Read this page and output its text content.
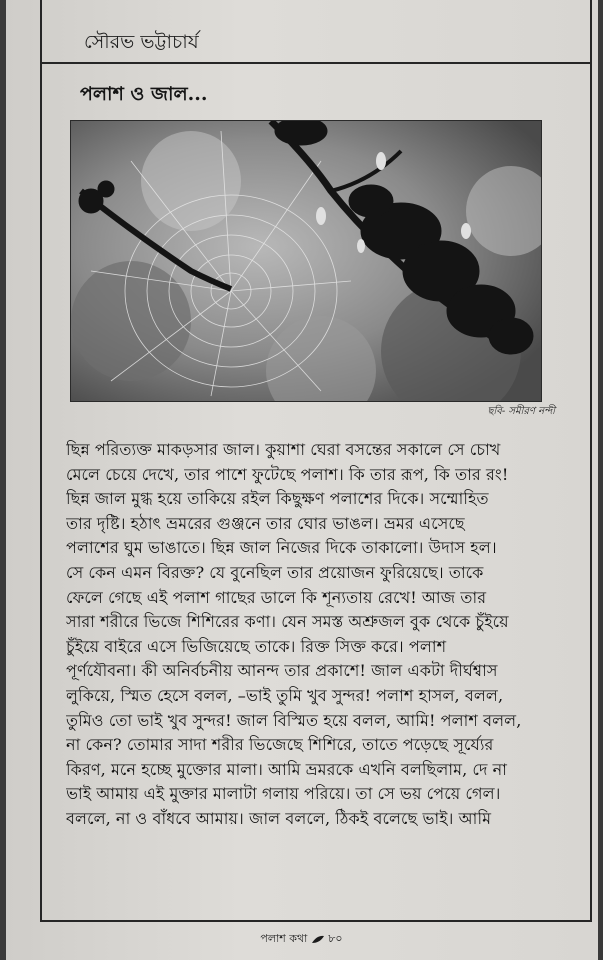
সৌরভ ভট্টাচার্য
পলাশ ও জাল...
ছবি- সমীরণ নন্দী
ছিন্ন পরিত্যক্ত মাকড়সার জাল। কুয়াশা ঘেরা বসন্তের সকালে সে চোখ
মেলে চেয়ে দেখে, তার পাশে ফুটেছে পলাশ। কি তার রূপ, কি তার রং!
ছিন্ন জাল মুগ্ধ হয়ে তাকিয়ে রইল কিছুক্ষণ পলাশের দিকে। সম্মোহিত
তার দৃষ্টি। হঠাৎ ভ্রমরের গুঞ্জনে তার ঘোর ভাঙল। ভ্রমর এসেছে
পলাশের ঘুম ভাঙাতে। ছিন্ন জাল নিজের দিকে তাকালো। উদাস হল।
সে কেন এমন বিরক্ত? যে বুনেছিল তার প্রয়োজন ফুরিয়েছে। তাকে
ফেলে গেছে এই পলাশ গাছের ডালে কি শূন্যতায় রেখে! আজ তার
সারা শরীরে ভিজে শিশিরের কণা। যেন সমস্ত অশ্রুজল বুক থেকে চুঁইয়ে
চুঁইয়ে বাইরে এসে ভিজিয়েছে তাকে। রিক্ত সিক্ত করে। পলাশ
পূর্ণযৌবনা। কী অনির্বচনীয় আনন্দ তার প্রকাশে! জাল একটা দীর্ঘশ্বাস
লুকিয়ে, স্মিত হেসে বলল, –ভাই তুমি খুব সুন্দর! পলাশ হাসল, বলল,
তুমিও তো ভাই খুব সুন্দর! জাল বিস্মিত হয়ে বলল, আমি! পলাশ বলল,
না কেন? তোমার সাদা শরীর ভিজেছে শিশিরে, তাতে পড়েছে সূর্য্যের
কিরণ, মনে হচ্ছে মুক্তোর মালা। আমি ভ্রমরকে এখনি বলছিলাম, দে না
ভাই আমায় এই মুক্তার মালাটা গলায় পরিয়ে। তা সে ভয় পেয়ে গেল।
বললে, না ও বাঁধবে আমায়। জাল বললে, ঠিকই বলেছে ভাই। আমি
পলাশ কথা ৮০
